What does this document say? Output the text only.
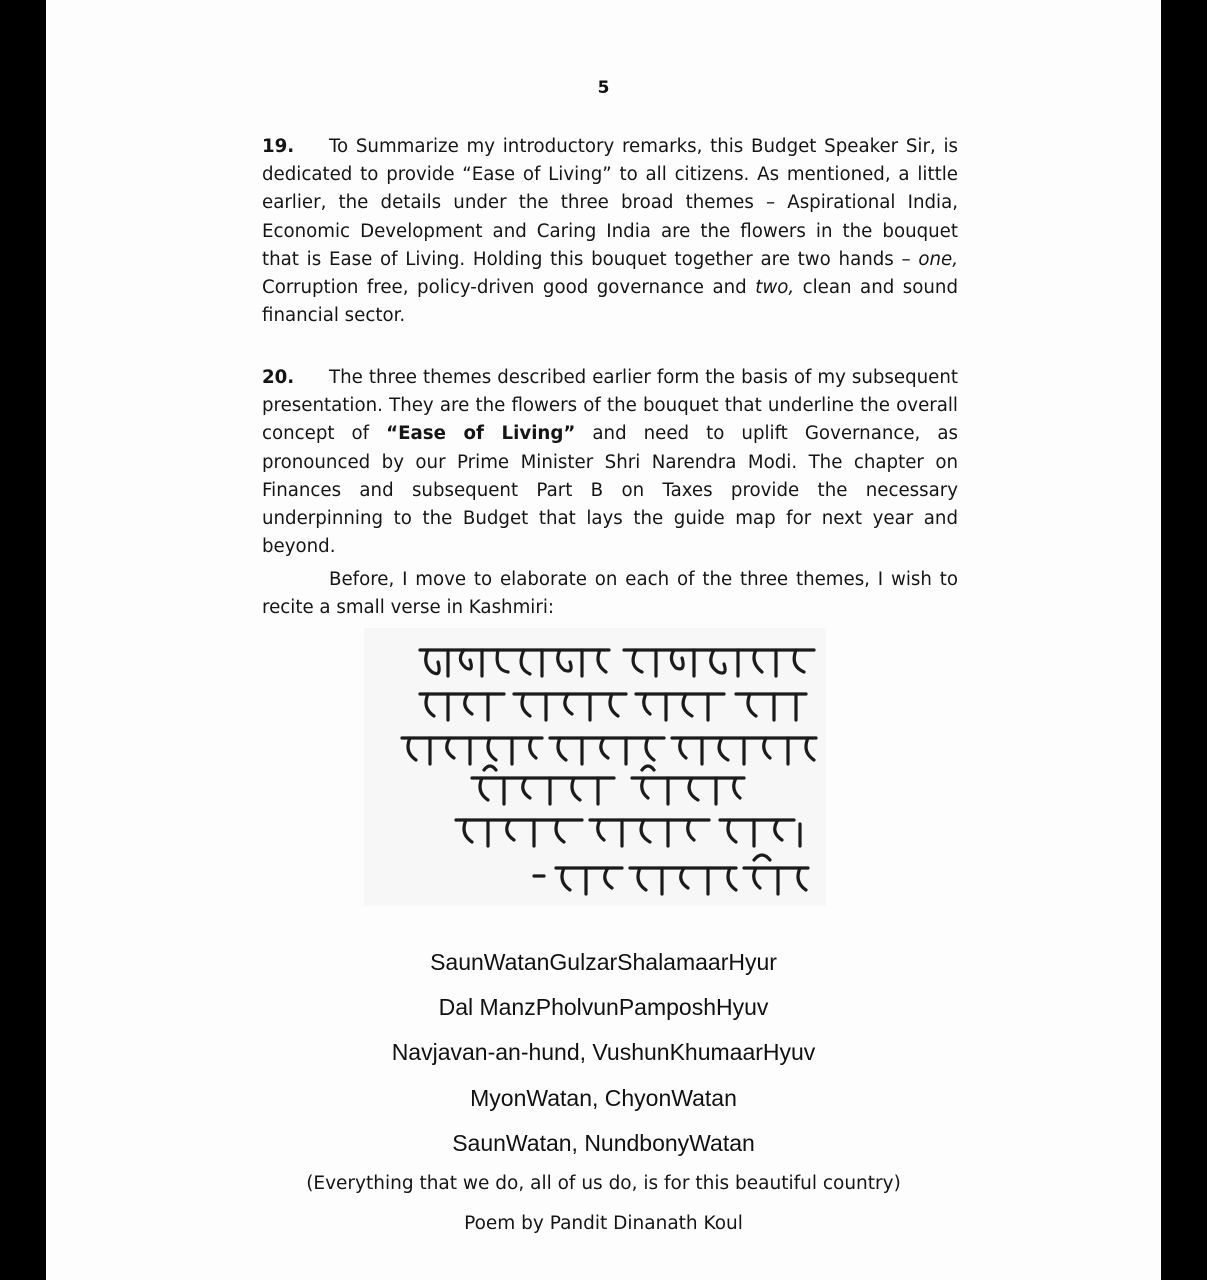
5
19. To Summarize my introductory remarks, this Budget Speaker Sir, is dedicated to provide “Ease of Living” to all citizens. As mentioned, a little earlier, the details under the three broad themes – Aspirational India, Economic Development and Caring India are the flowers in the bouquet that is Ease of Living. Holding this bouquet together are two hands – one, Corruption free, policy-driven good governance and two, clean and sound financial sector.
20. The three themes described earlier form the basis of my subsequent presentation. They are the flowers of the bouquet that underline the overall concept of “Ease of Living” and need to uplift Governance, as pronounced by our Prime Minister Shri Narendra Modi. The chapter on Finances and subsequent Part B on Taxes provide the necessary underpinning to the Budget that lays the guide map for next year and beyond.
Before, I move to elaborate on each of the three themes, I wish to recite a small verse in Kashmiri:
SaunWatanGulzarShalamaarHyur
Dal ManzPholvunPamposhHyuv
Navjavan-an-hund, VushunKhumaarHyuv
MyonWatan, ChyonWatan
SaunWatan, NundbonyWatan
(Everything that we do, all of us do, is for this beautiful country)
Poem by Pandit Dinanath Koul
